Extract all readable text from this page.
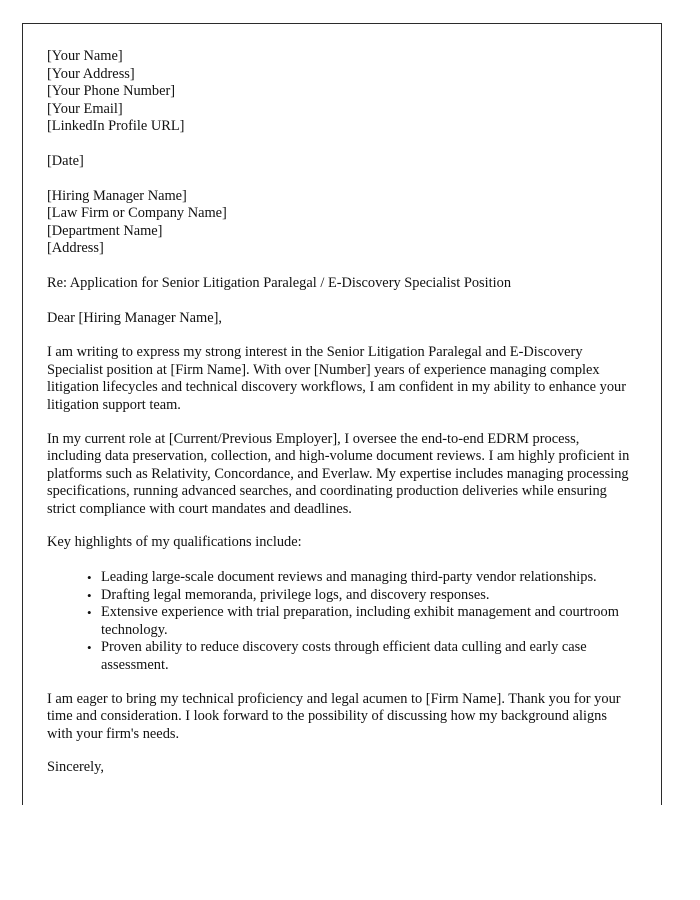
[Your Name]
[Your Address]
[Your Phone Number]
[Your Email]
[LinkedIn Profile URL]
[Date]
[Hiring Manager Name]
[Law Firm or Company Name]
[Department Name]
[Address]
Re: Application for Senior Litigation Paralegal / E-Discovery Specialist Position
Dear [Hiring Manager Name],

I am writing to express my strong interest in the Senior Litigation Paralegal and E-Discovery Specialist position at [Firm Name]. With over [Number] years of experience managing complex litigation lifecycles and technical discovery workflows, I am confident in my ability to enhance your litigation support team.

In my current role at [Current/Previous Employer], I oversee the end-to-end EDRM process, including data preservation, collection, and high-volume document reviews. I am highly proficient in platforms such as Relativity, Concordance, and Everlaw. My expertise includes managing processing specifications, running advanced searches, and coordinating production deliveries while ensuring strict compliance with court mandates and deadlines.

Key highlights of my qualifications include:
• Leading large-scale document reviews and managing third-party vendor relationships.
• Drafting legal memoranda, privilege logs, and discovery responses.
• Extensive experience with trial preparation, including exhibit management and courtroom technology.
• Proven ability to reduce discovery costs through efficient data culling and early case assessment.

I am eager to bring my technical proficiency and legal acumen to [Firm Name]. Thank you for your time and consideration. I look forward to the possibility of discussing how my background aligns with your firm's needs.

Sincerely,
